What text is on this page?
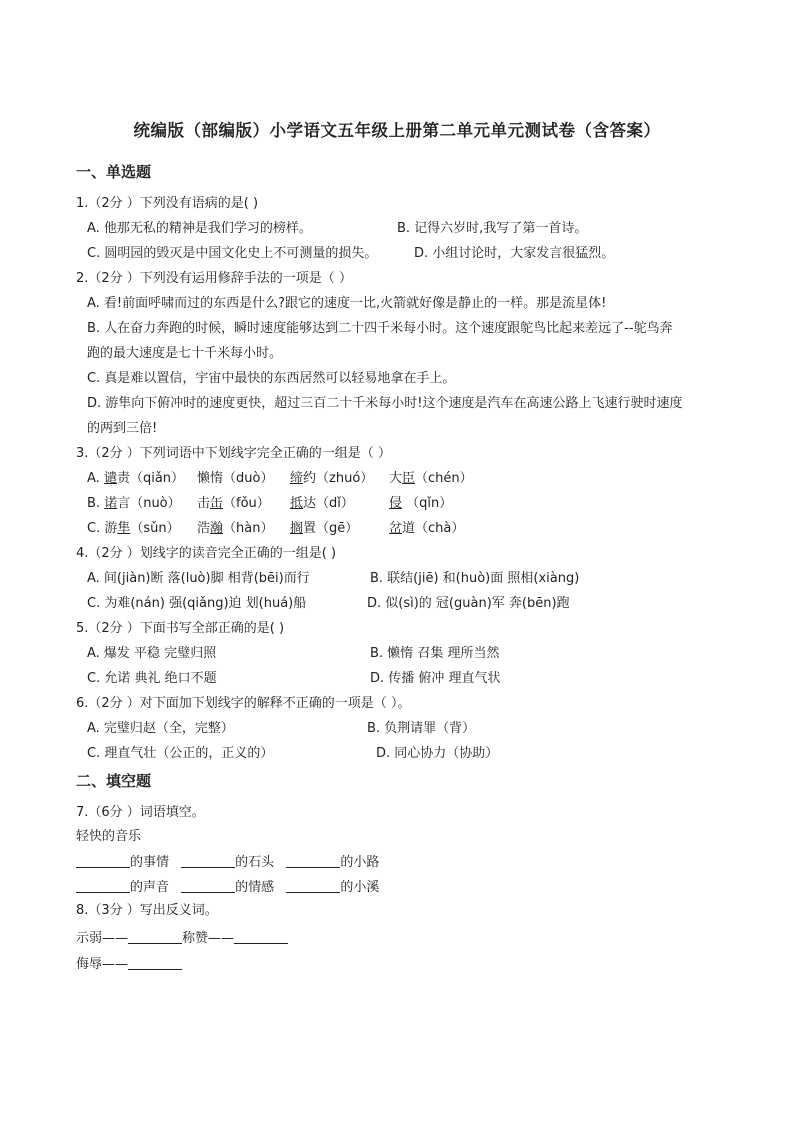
统编版（部编版）小学语文五年级上册第二单元单元测试卷（含答案）
一、单选题
1.（2分 ）下列没有语病的是( )
A. 他那无私的精神是我们学习的榜样。	B. 记得六岁时,我写了第一首诗。
C. 圆明园的毁灭是中国文化史上不可测量的损失。	D. 小组讨论时，大家发言很猛烈。
2.（2分 ）下列没有运用修辞手法的一项是（ ）
A. 看!前面呼啸而过的东西是什么?跟它的速度一比,火箭就好像是静止的一样。那是流星体!
B. 人在奋力奔跑的时候，瞬时速度能够达到二十四千米每小时。这个速度跟鸵鸟比起来差远了--鸵鸟奔
跑的最大速度是七十千米每小时。
C. 真是难以置信，宇宙中最快的东西居然可以轻易地拿在手上。
D. 游隼向下俯冲时的速度更快，超过三百二十千米每小时!这个速度是汽车在高速公路上飞速行驶时速度
的两到三倍!
3.（2分 ）下列词语中下划线字完全正确的一组是（ ）
A. 谴责（qiǎn） 懒惰（duò） 缔约（zhuó） 大臣（chén）
B. 诺言（nuò） 击缶（fǒu） 抵达（dǐ）	侵 （qǐn）
C. 游隼（sǔn） 浩瀚（hàn） 搁置（gē） 岔道（chà）
4.（2分 ）划线字的读音完全正确的一组是( )
A. 间(jiàn)断 落(luò)脚 相背(bēi)而行	B. 联结(jiē) 和(huò)面 照相(xiàng)
C. 为难(nán) 强(qiǎng)迫 划(huá)船	D. 似(sì)的 冠(guàn)军 奔(bēn)跑
5.（2分 ）下面书写全部正确的是( )
A. 爆发 平稳 完璧归照	B. 懒惰 召集 理所当然
C. 允诺 典礼 绝口不题	D. 传播 俯冲 理直气状
6.（2分 ）对下面加下划线字的解释不正确的一项是（ ）。
A. 完璧归赵（全，完整）	B. 负荆请罪（背）
C. 理直气壮（公正的，正义的）	D. 同心协力（协助）
二、填空题
7.（6分 ）词语填空。
轻快的音乐
的事情	的石头	的小路
的声音	的情感	的小溪
8.（3分 ）写出反义词。
示弱——	称赞——
侮辱——
